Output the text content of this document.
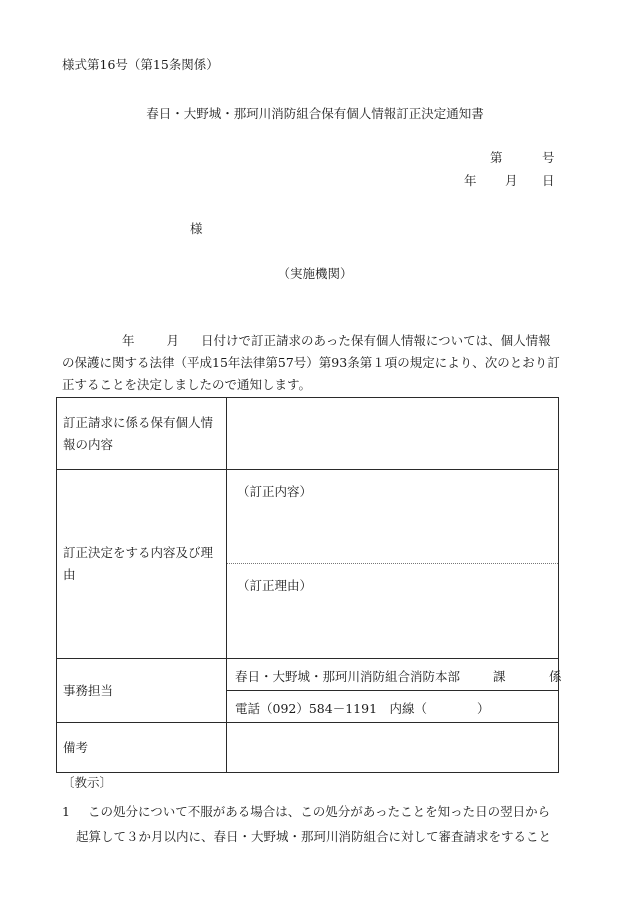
様式第16号（第15条関係）
春日・大野城・那珂川消防組合保有個人情報訂正決定通知書
第	号
年 月 日
様
（実施機関）
年	月 日付けで訂正請求のあった保有個人情報については、個人情報
の保護に関する法律（平成15年法律第57号）第93条第１項の規定により、次のとおり訂
正することを決定しましたので通知します。
訂正請求に係る保有個人情報の内容	
訂正決定をする内容及び理由	（訂正内容）
（訂正理由）

事務担当	春日・大野城・那珂川消防組合消防本部 課 係
電話（092）584－1191　内線（　　　　）

備考	
〔教示〕
1	この処分について不服がある場合は、この処分があったことを知った日の翌日から
起算して３か月以内に、春日・大野城・那珂川消防組合に対して審査請求をすること
